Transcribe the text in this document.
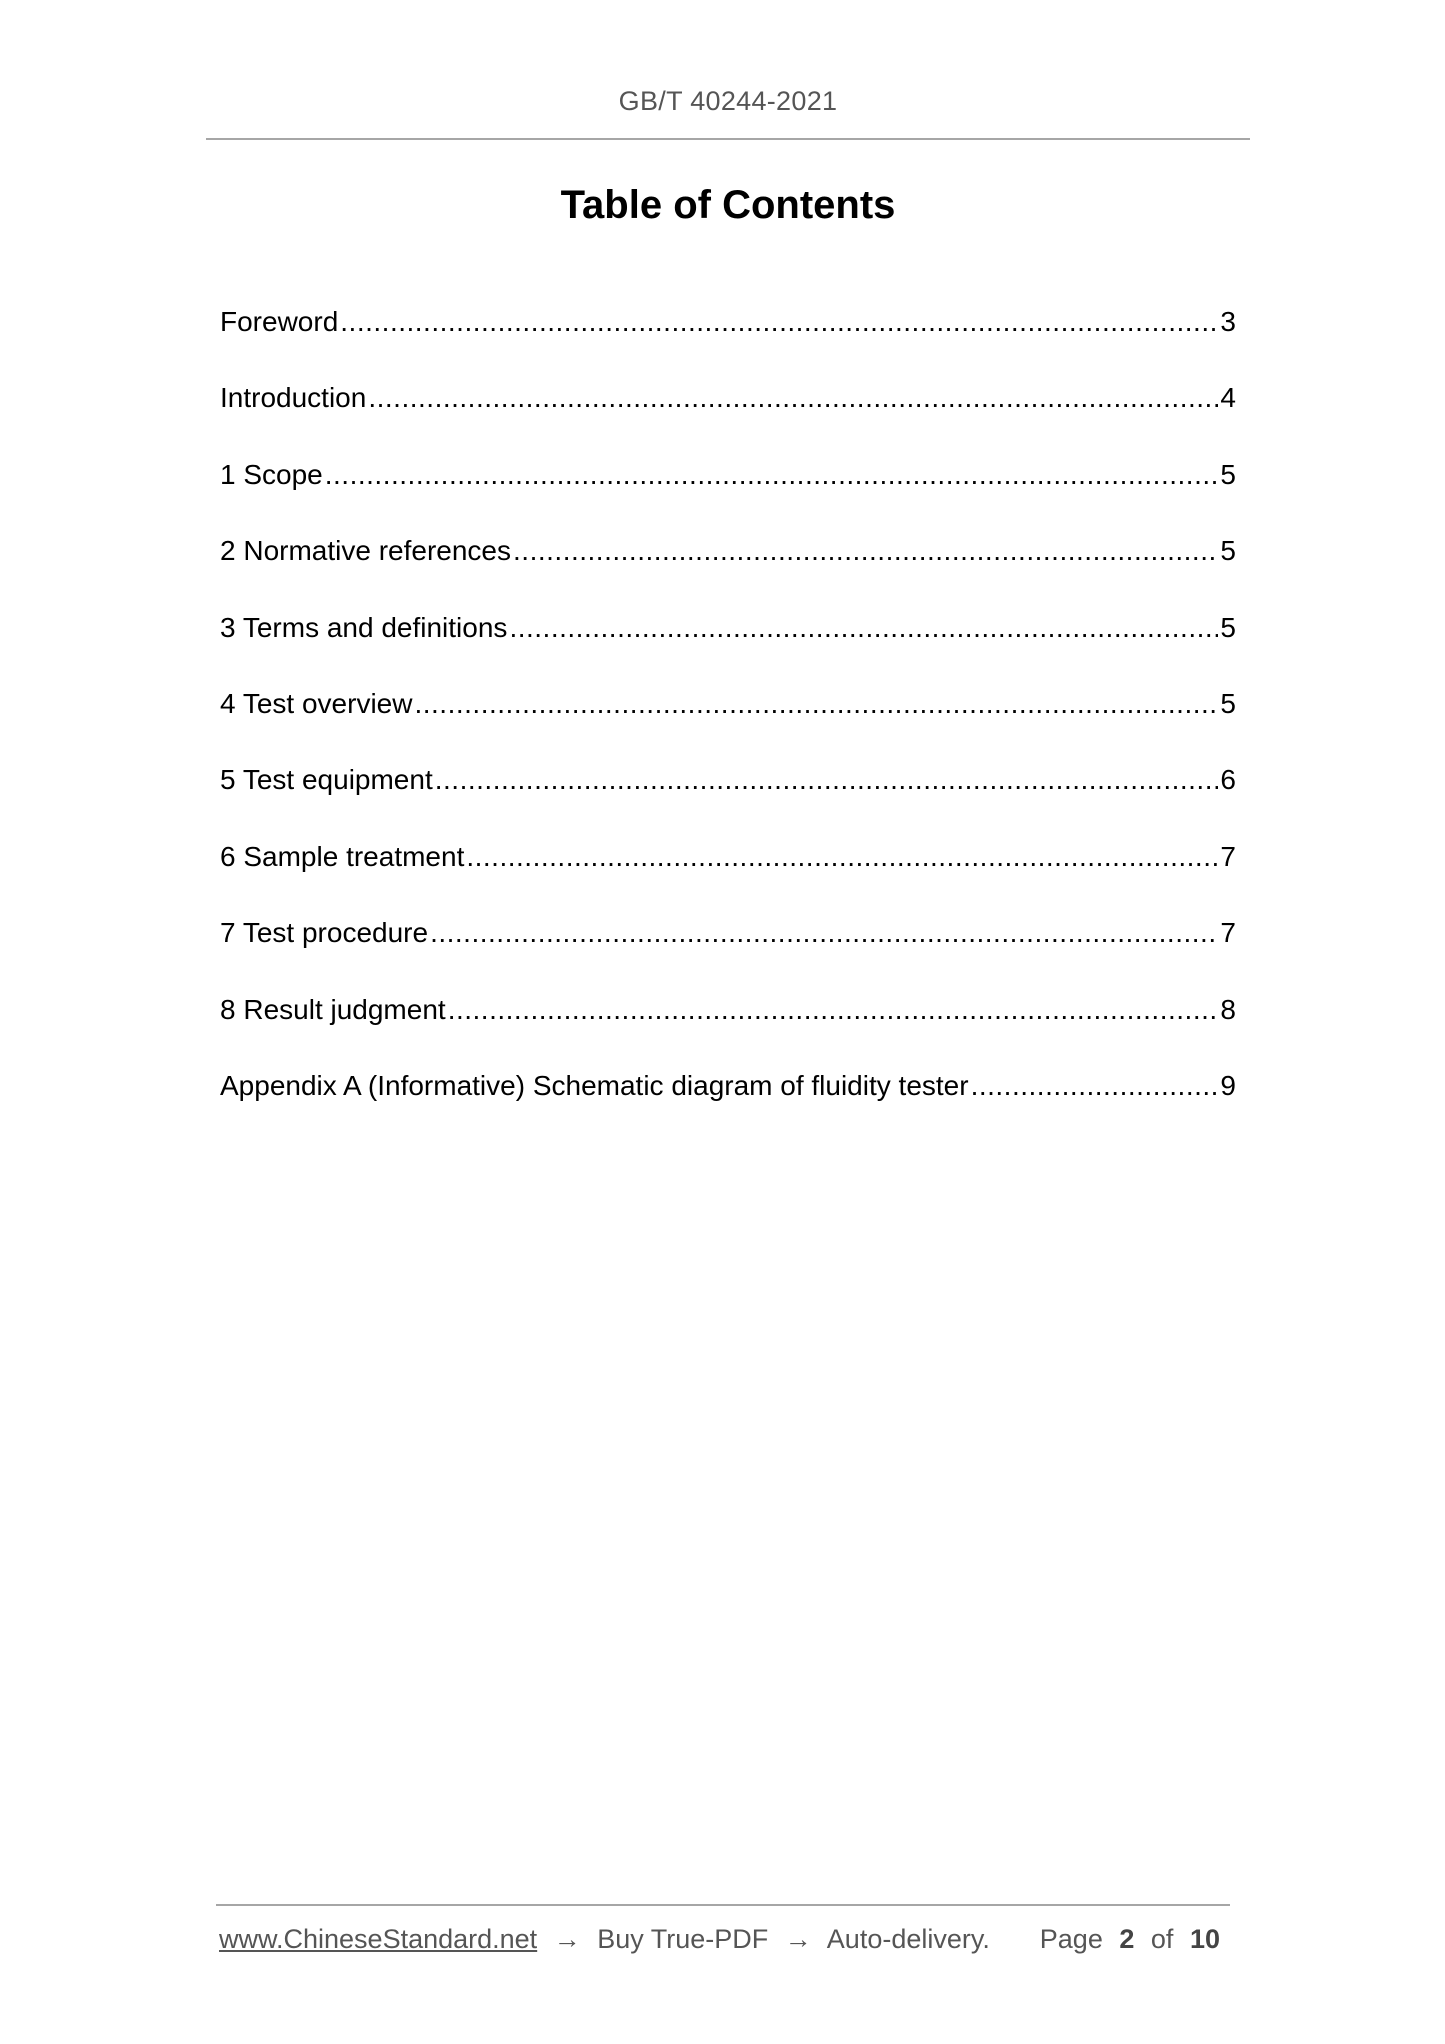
GB/T 40244-2021
Table of Contents
Foreword .....	3
Introduction .....	4
1 Scope .....	5
2 Normative references .....	5
3 Terms and definitions .....	5
4 Test overview .....	5
5 Test equipment .....	6
6 Sample treatment .....	7
7 Test procedure .....	7
8 Result judgment .....	8
Appendix A (Informative) Schematic diagram of fluidity tester .....	9
www.ChineseStandard.net → Buy True-PDF → Auto-delivery.	Page 2 of 10
